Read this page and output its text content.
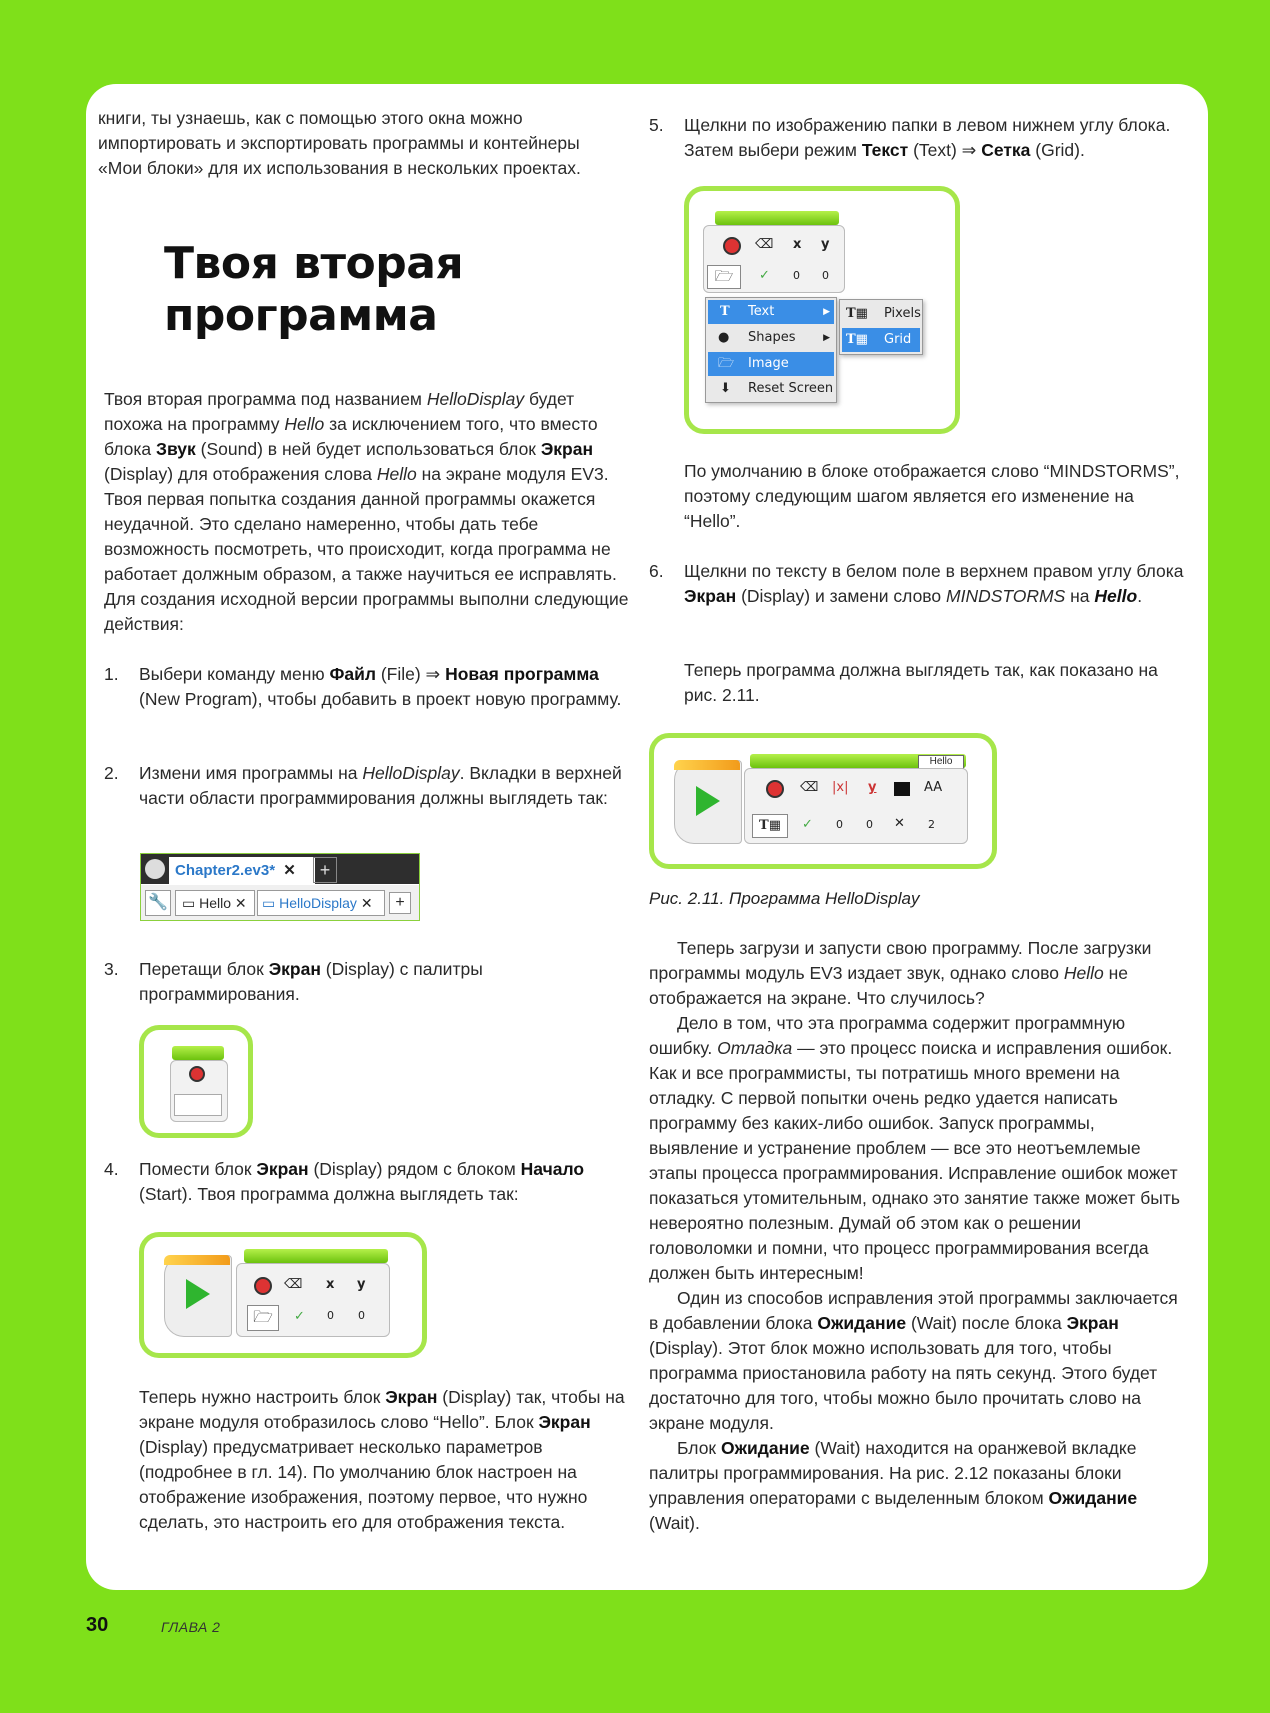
книги, ты узнаешь, как с помощью этого окна можно импортировать и экспортировать программы и контейнеры «Мои блоки» для их использования в нескольких проектах.

Твоя вторая
программа

Твоя вторая программа под названием HelloDisplay будет похожа на программу Hello за исключением того, что вместо блока Звук (Sound) в ней будет использоваться блок Экран (Display) для отображения слова Hello на экране модуля EV3. Твоя первая попытка создания данной программы окажется неудачной. Это сделано намеренно, чтобы дать тебе возможность посмотреть, что происходит, когда программа не работает должным образом, а также научиться ее исправлять. Для создания исходной версии программы выполни следующие действия:

1. Выбери команду меню Файл (File) ⇒ Новая программа (New Program), чтобы добавить в проект новую программу.

2. Измени имя программы на HelloDisplay. Вкладки в верхней части области программирования должны выглядеть так:

Chapter2.ev3* ✕	+
🔧	▭ Hello ✕	▭ HelloDisplay ✕	+
3. Перетащи блок Экран (Display) с палитры программирования.

4. Помести блок Экран (Display) рядом с блоком Начало (Start). Твоя программа должна выглядеть так:

⌫ x y
🗁	✓ 0 0

Теперь нужно настроить блок Экран (Display) так, чтобы на экране модуля отобразилось слово “Hello”. Блок Экран (Display) предусматривает несколько параметров (подробнее в гл. 14). По умолчанию блок настроен на отображение изображения, поэтому первое, что нужно сделать, это настроить его для отображения текста.

5. Щелкни по изображению папки в левом нижнем углу блока. Затем выбери режим Текст (Text) ⇒ Сетка (Grid).

⌫ x y
🗁	✓ 0 0
T Text	▶
● Shapes	▶
🗁 Image
⬇ Reset Screen
T▦ Pixels
T▦ Grid

По умолчанию в блоке отображается слово “MINDSTORMS”, поэтому следующим шагом является его изменение на “Hello”.

6. Щелкни по тексту в белом поле в верхнем правом углу блока Экран (Display) и замени слово MINDSTORMS на Hello.

Теперь программа должна выглядеть так, как показано на рис. 2.11.

Hello
⌫ |x| y	AA
T▦	✓ 0 0 ✕ 2
Рис. 2.11. Программа HelloDisplay

Теперь загрузи и запусти свою программу. После загрузки программы модуль EV3 издает звук, однако слово Hello не отображается на экране. Что случилось?

Дело в том, что эта программа содержит программную ошибку. Отладка — это процесс поиска и исправления ошибок. Как и все программисты, ты потратишь много времени на отладку. С первой попытки очень редко удается написать программу без каких-либо ошибок. Запуск программы, выявление и устранение проблем — все это неотъемлемые этапы процесса программирования. Исправление ошибок может показаться утомительным, однако это занятие также может быть невероятно полезным. Думай об этом как о решении головоломки и помни, что процесс программирования всегда должен быть интересным!

Один из способов исправления этой программы заключается в добавлении блока Ожидание (Wait) после блока Экран (Display). Этот блок можно использовать для того, чтобы программа приостановила работу на пять секунд. Этого будет достаточно для того, чтобы можно было прочитать слово на экране модуля.

Блок Ожидание (Wait) находится на оранжевой вкладке палитры программирования. На рис. 2.12 показаны блоки управления операторами с выделенным блоком Ожидание (Wait).

30	ГЛАВА 2
